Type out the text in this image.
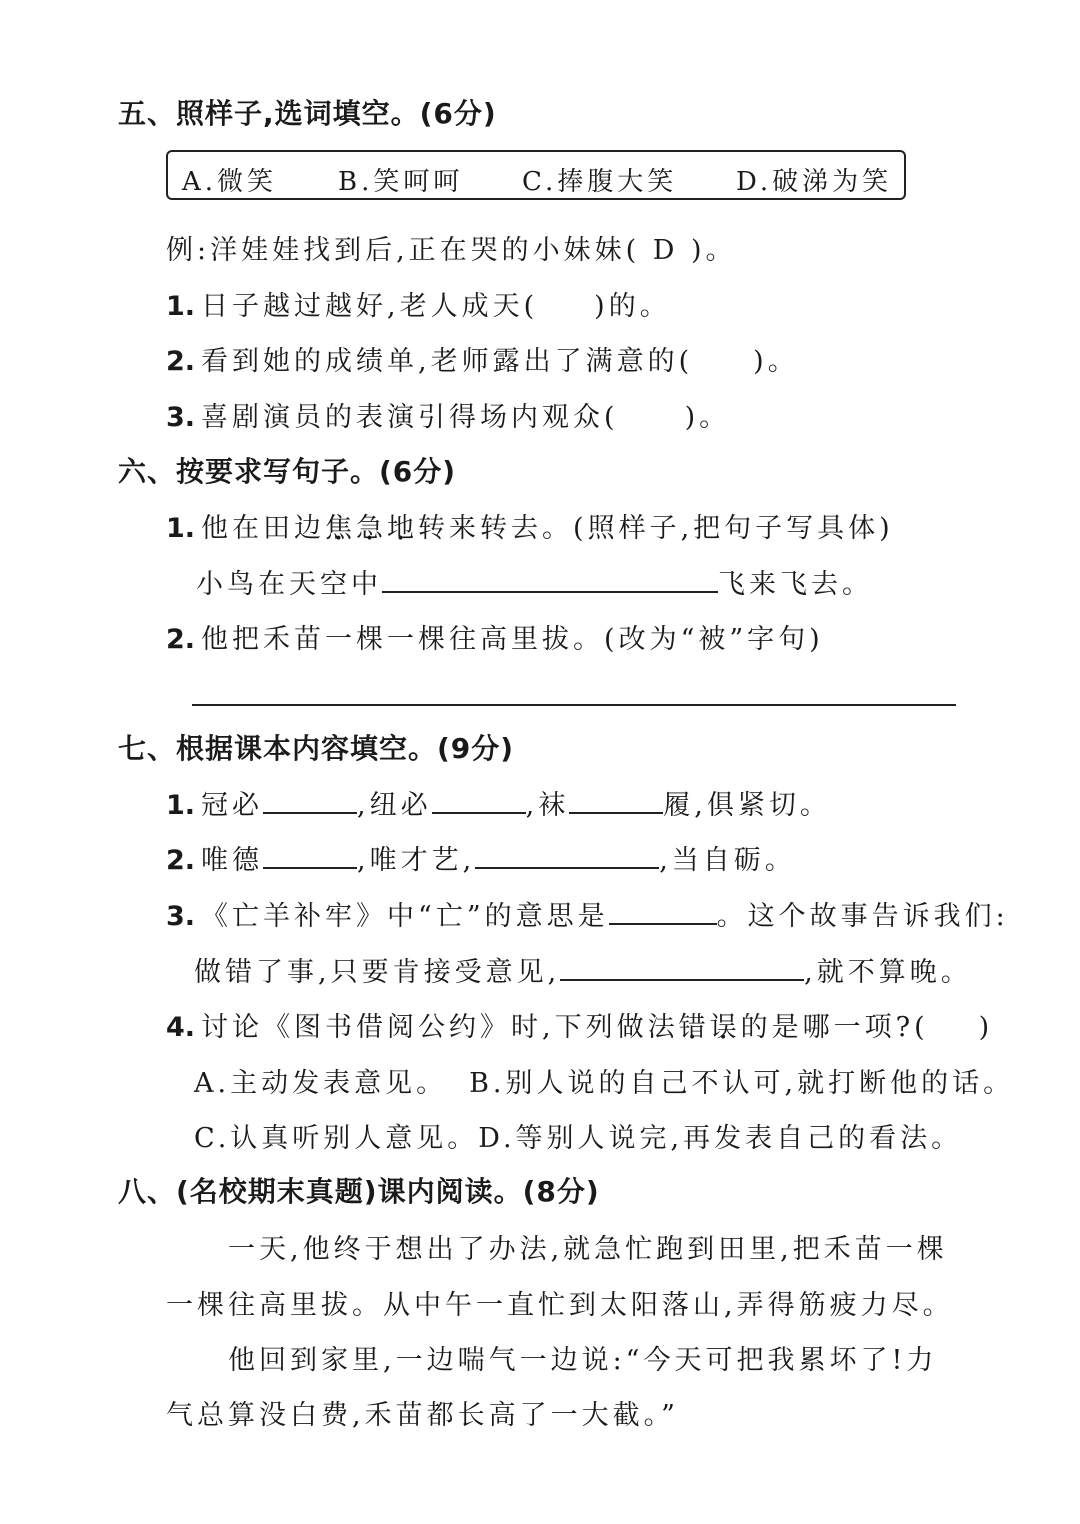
五、照样子,选词填空。(6分)
A.微笑 B.笑呵呵 C.捧腹大笑 D.破涕为笑
例:洋娃娃找到后,正在哭的小妹妹( D )。
1. 日子越过越好,老人成天( )的。
2. 看到她的成绩单,老师露出了满意的( )。
3. 喜剧演员的表演引得场内观众( )。
六、按要求写句子。(6分)
1. 他在田边焦急地转来转去。(照样子,把句子写具体)
小鸟在天空中	飞来飞去。
2. 他把禾苗一棵一棵往高里拔。(改为“被”字句)
七、根据课本内容填空。(9分)
1. 冠必	,纽必	,袜	履,俱紧切。
2. 唯德	,唯才艺,	,当自砺。
3. 《亡羊补牢》中“亡”的意思是	。这个故事告诉我们:
做错了事,只要肯接受意见,	,就不算晚。
4. 讨论《图书借阅公约》时,下列做法错误的是哪一项?( )
A.主动发表意见。 B.别人说的自己不认可,就打断他的话。
C.认真听别人意见。D.等别人说完,再发表自己的看法。
八、(名校期末真题)课内阅读。(8分)
一天,他终于想出了办法,就急忙跑到田里,把禾苗一棵
一棵往高里拔。从中午一直忙到太阳落山,弄得筋疲力尽。
他回到家里,一边喘气一边说:“今天可把我累坏了!力
气总算没白费,禾苗都长高了一大截。”
